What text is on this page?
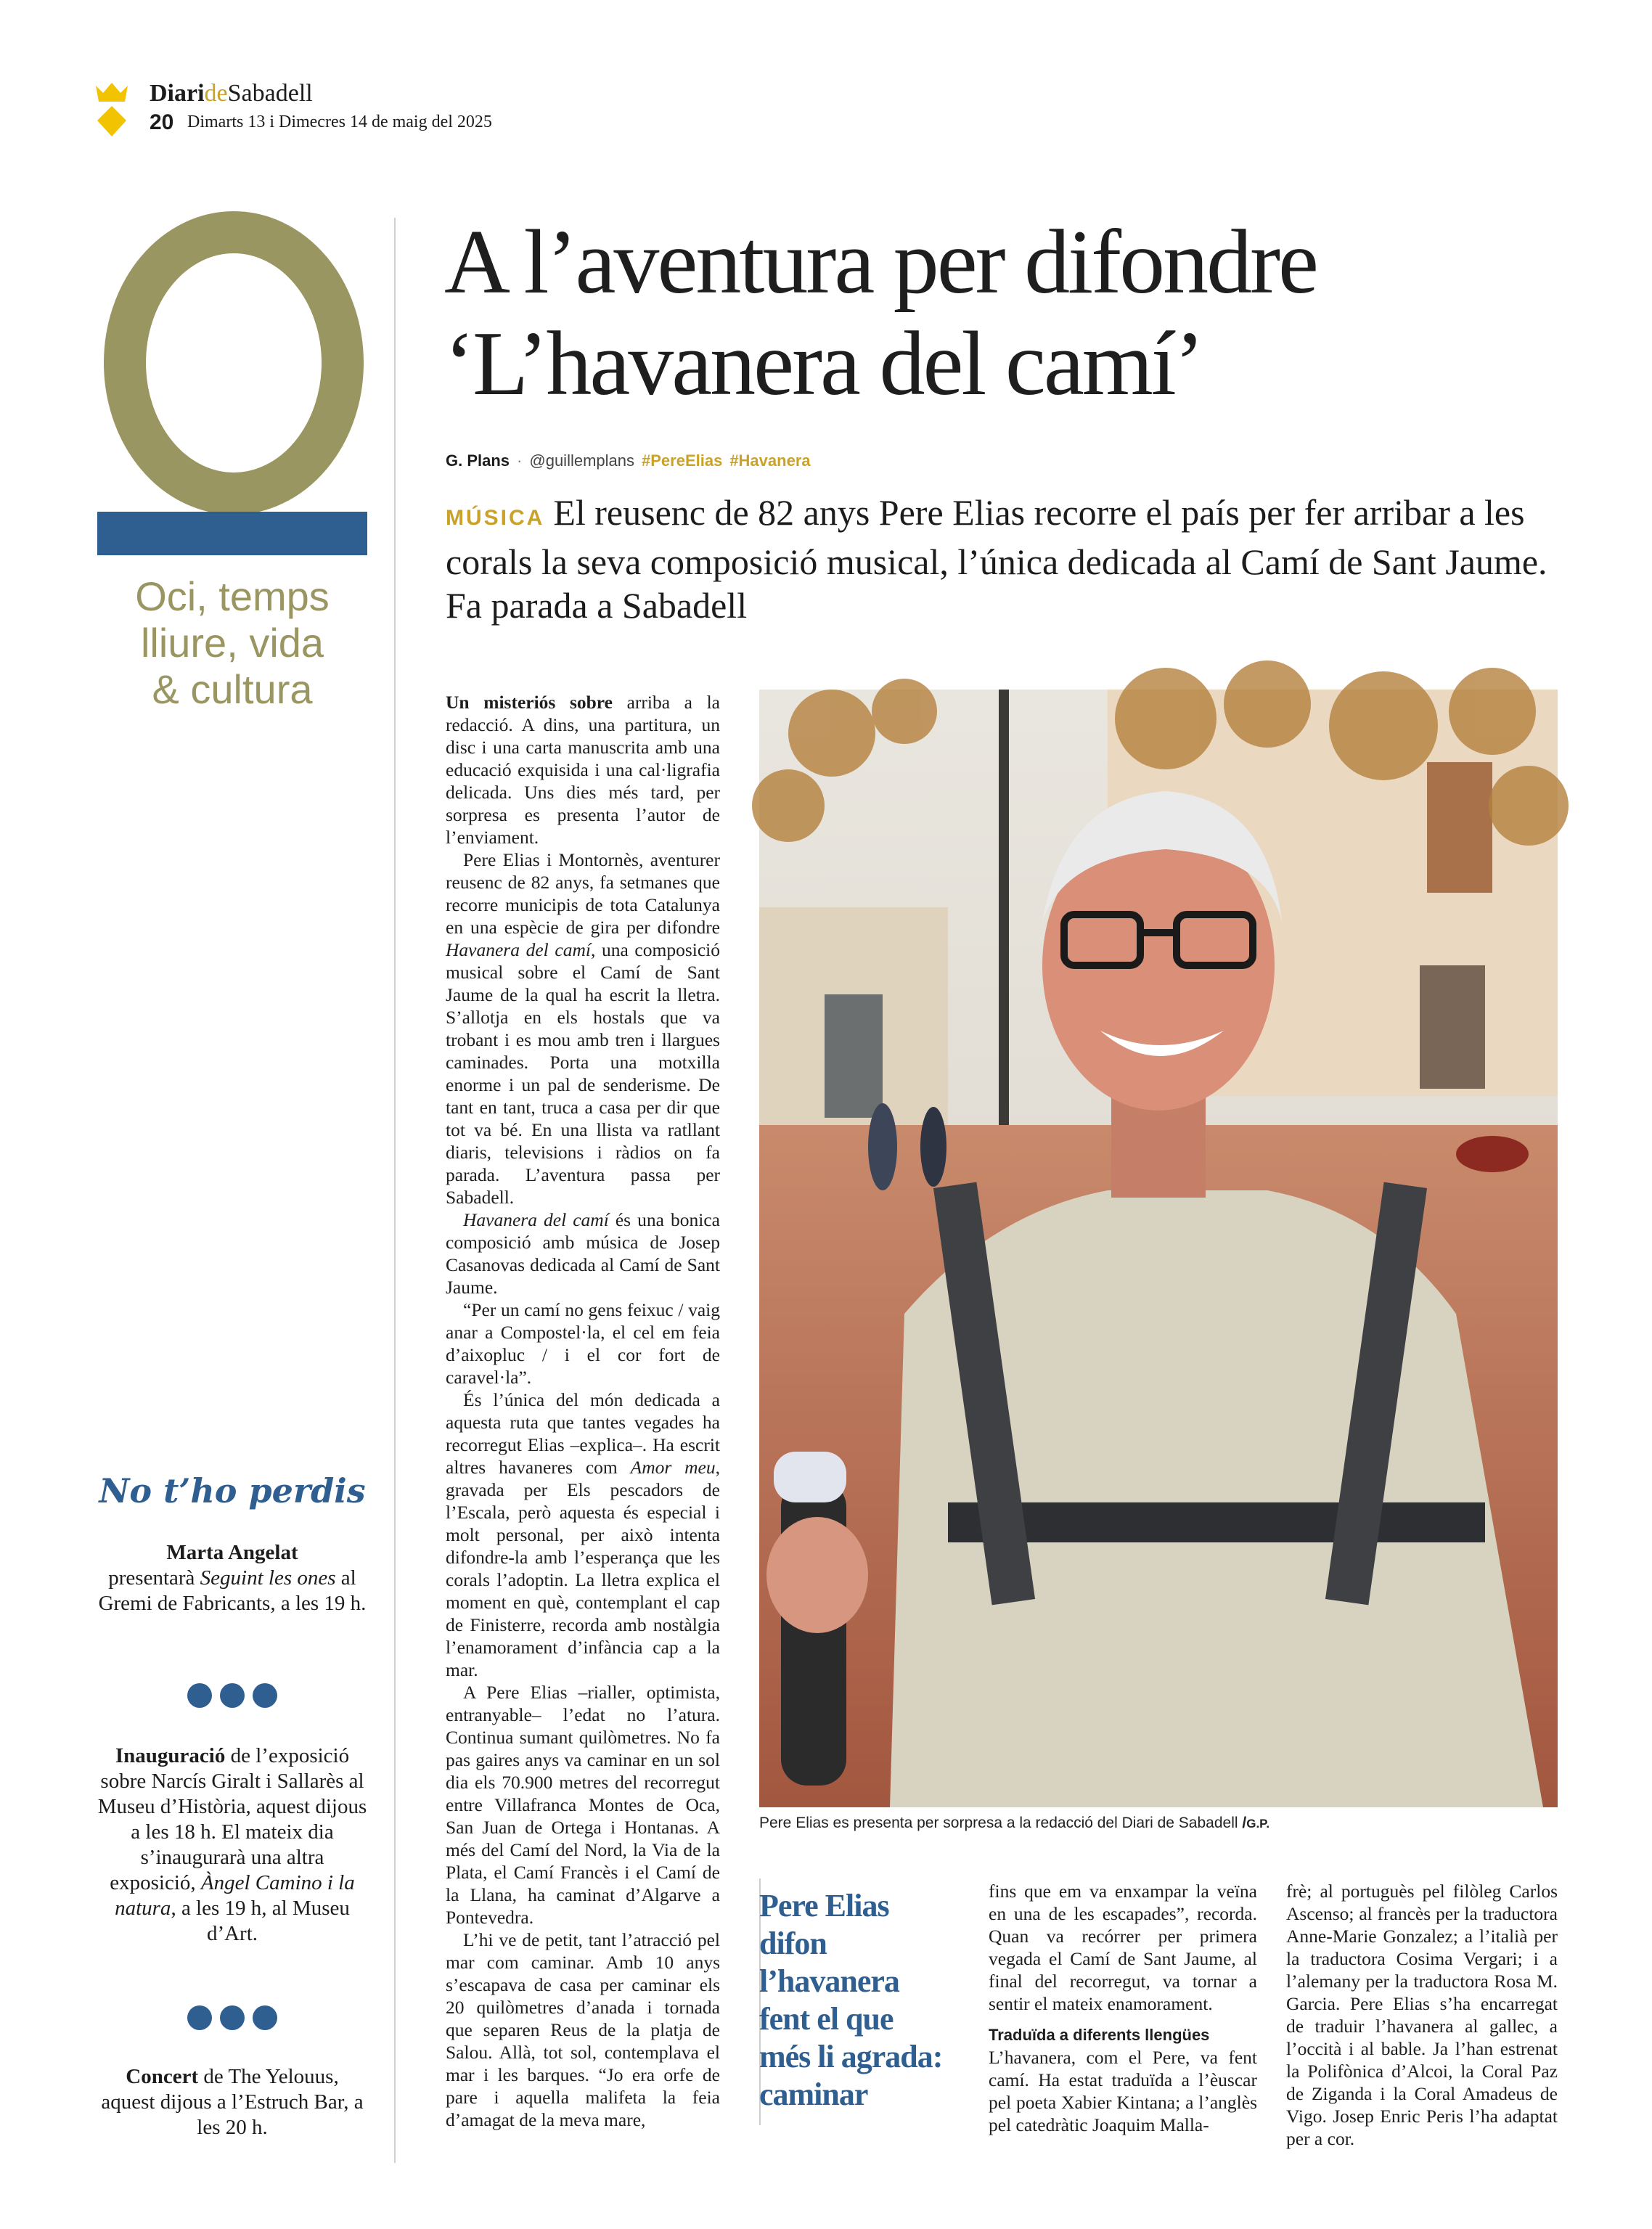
DiarideSabadell
20 Dimarts 13 i Dimecres 14 de maig del 2025
Oci, temps
lliure, vida
& cultura
A l’aventura per difondre
‘L’havanera del camí’
G. Plans · @guillemplans #PereElias #Havanera
MÚSICA El reusenc de 82 anys Pere Elias recorre el país per fer arribar a les corals la seva composició musical, l’única dedicada al Camí de Sant Jaume. Fa parada a Sabadell

Un misteriós sobre arriba a la redacció. A dins, una partitura, un disc i una carta manuscrita amb una educació exquisida i una cal·ligrafia delicada. Uns dies més tard, per sorpresa es presenta l’autor de l’enviament.

Pere Elias i Montornès, aventurer reusenc de 82 anys, fa setmanes que recorre municipis de tota Catalunya en una espècie de gira per difondre Havanera del camí, una composició musical sobre el Camí de Sant Jaume de la qual ha escrit la lletra. S’allotja en els hostals que va trobant i es mou amb tren i llargues caminades. Porta una motxilla enorme i un pal de senderisme. De tant en tant, truca a casa per dir que tot va bé. En una llista va ratllant diaris, televisions i ràdios on fa parada. L’aventura passa per Sabadell.

Havanera del camí és una bonica composició amb música de Josep Casanovas dedicada al Camí de Sant Jaume.

“Per un camí no gens feixuc / vaig anar a Compostel·la, el cel em feia d’aixopluc / i el cor fort de caravel·la”.

És l’única del món dedicada a aquesta ruta que tantes vegades ha recorregut Elias –explica–. Ha escrit altres havaneres com Amor meu, gravada per Els pescadors de l’Escala, però aquesta és especial i molt personal, per això intenta difondre-la amb l’esperança que les corals l’adoptin. La lletra explica el moment en què, contemplant el cap de Finisterre, recorda amb nostàlgia l’enamorament d’infància cap a la mar.

A Pere Elias –rialler, optimista, entranyable– l’edat no l’atura. Continua sumant quilòmetres. No fa pas gaires anys va caminar en un sol dia els 70.900 metres del recorregut entre Villafranca Montes de Oca, San Juan de Ortega i Hontanas. A més del Camí del Nord, la Via de la Plata, el Camí Francès i el Camí de la Llana, ha caminat d’Algarve a Pontevedra.

L’hi ve de petit, tant l’atracció pel mar com caminar. Amb 10 anys s’escapava de casa per caminar els 20 quilòmetres d’anada i tornada que separen Reus de la platja de Salou. Allà, tot sol, contemplava el mar i les barques. “Jo era orfe de pare i aquella malifeta la feia d’amagat de la meva mare,

Pere Elias es presenta per sorpresa a la redacció del Diari de Sabadell /G.P.
Pere Elias difon l’havanera fent el que més li agrada: caminar

fins que em va enxampar la veïna en una de les escapades”, recorda. Quan va recórrer per primera vegada el Camí de Sant Jaume, al final del recorregut, va tornar a sentir el mateix enamorament.

Traduïda a diferents llengües

L’havanera, com el Pere, va fent camí. Ha estat traduïda a l’èuscar pel poeta Xabier Kintana; a l’anglès pel catedràtic Joaquim Malla-

frè; al portuguès pel filòleg Carlos Ascenso; al francès per la traductora Anne-Marie Gonzalez; a l’italià per la traductora Cosima Vergari; i a l’alemany per la traductora Rosa M. Garcia. Pere Elias s’ha encarregat de traduir l’havanera al gallec, a l’occità i al bable. Ja l’han estrenat la Polifònica d’Alcoi, la Coral Paz de Ziganda i la Coral Amadeus de Vigo. Josep Enric Peris l’ha adaptat per a cor.

No t’ho perdis
Marta Angelat
presentarà Seguint les ones al Gremi de Fabricants, a les 19 h.
Inauguració de l’exposició sobre Narcís Giralt i Sallarès al Museu d’Història, aquest dijous a les 18 h. El mateix dia s’inaugurarà una altra exposició, Àngel Camino i la natura, a les 19 h, al Museu d’Art.
Concert de The Yelouus, aquest dijous a l’Estruch Bar, a les 20 h.
